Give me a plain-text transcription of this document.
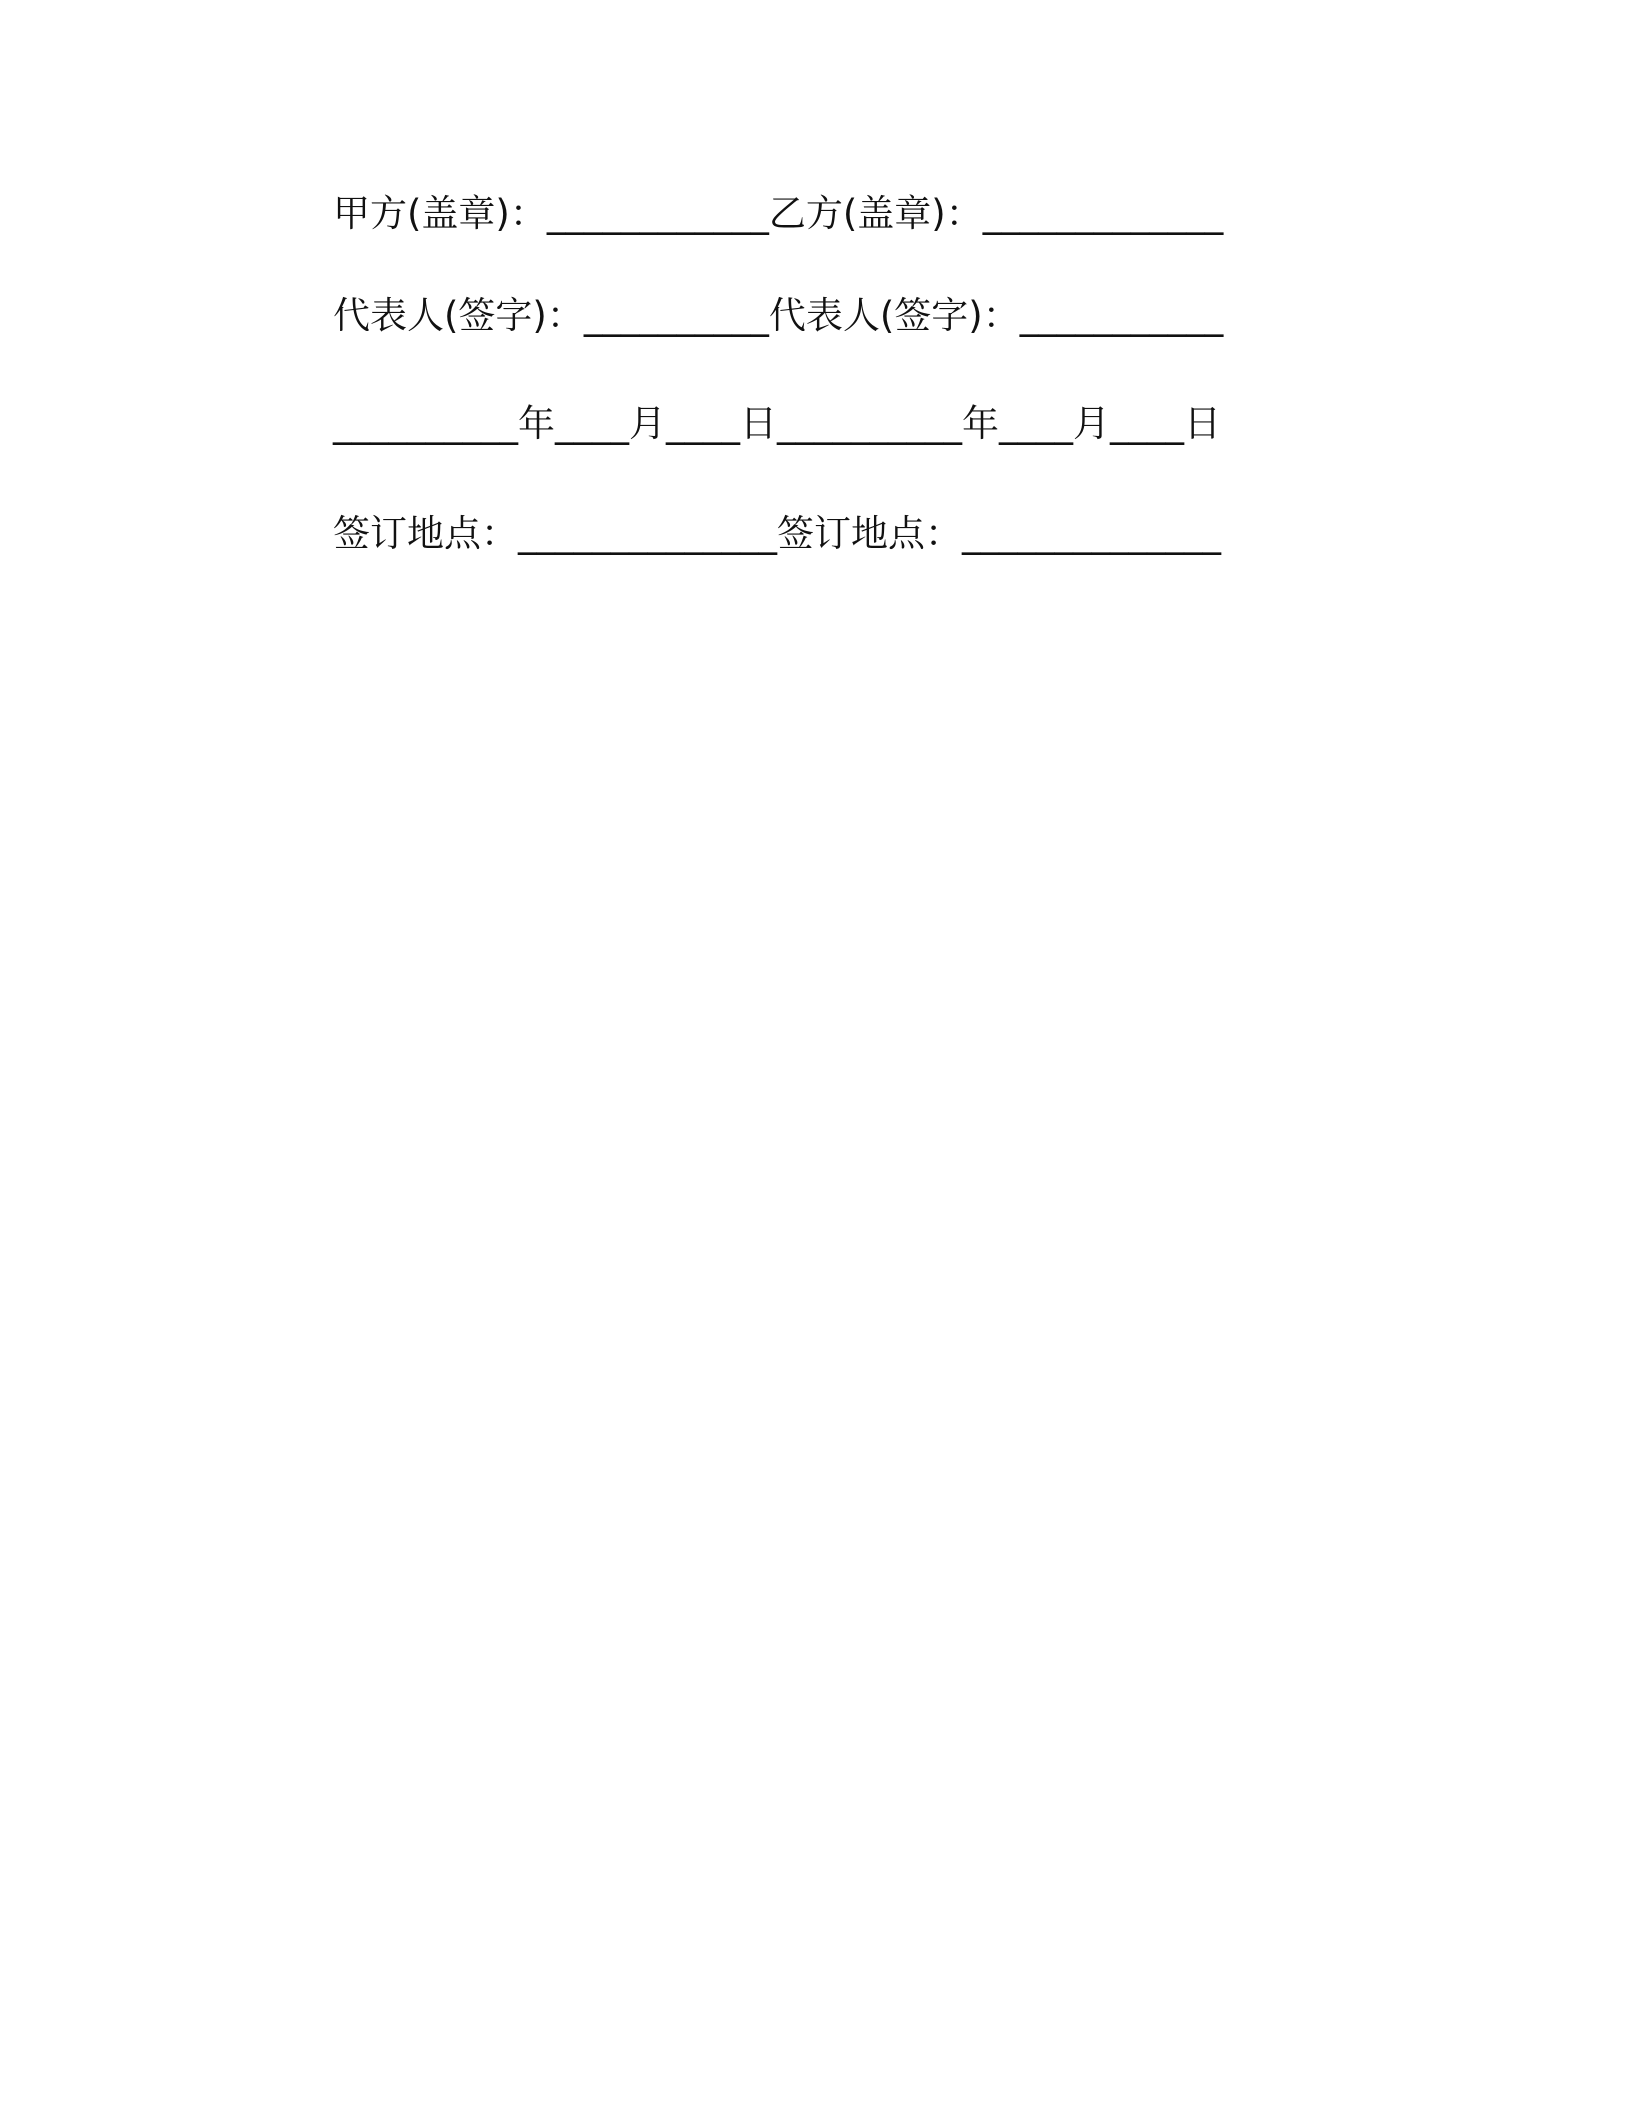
甲方(盖章)：____________乙方(盖章)：_____________
代表人(签字)：__________代表人(签字)：___________
__________年____月____日__________年____月____日
签订地点：______________签订地点：______________
